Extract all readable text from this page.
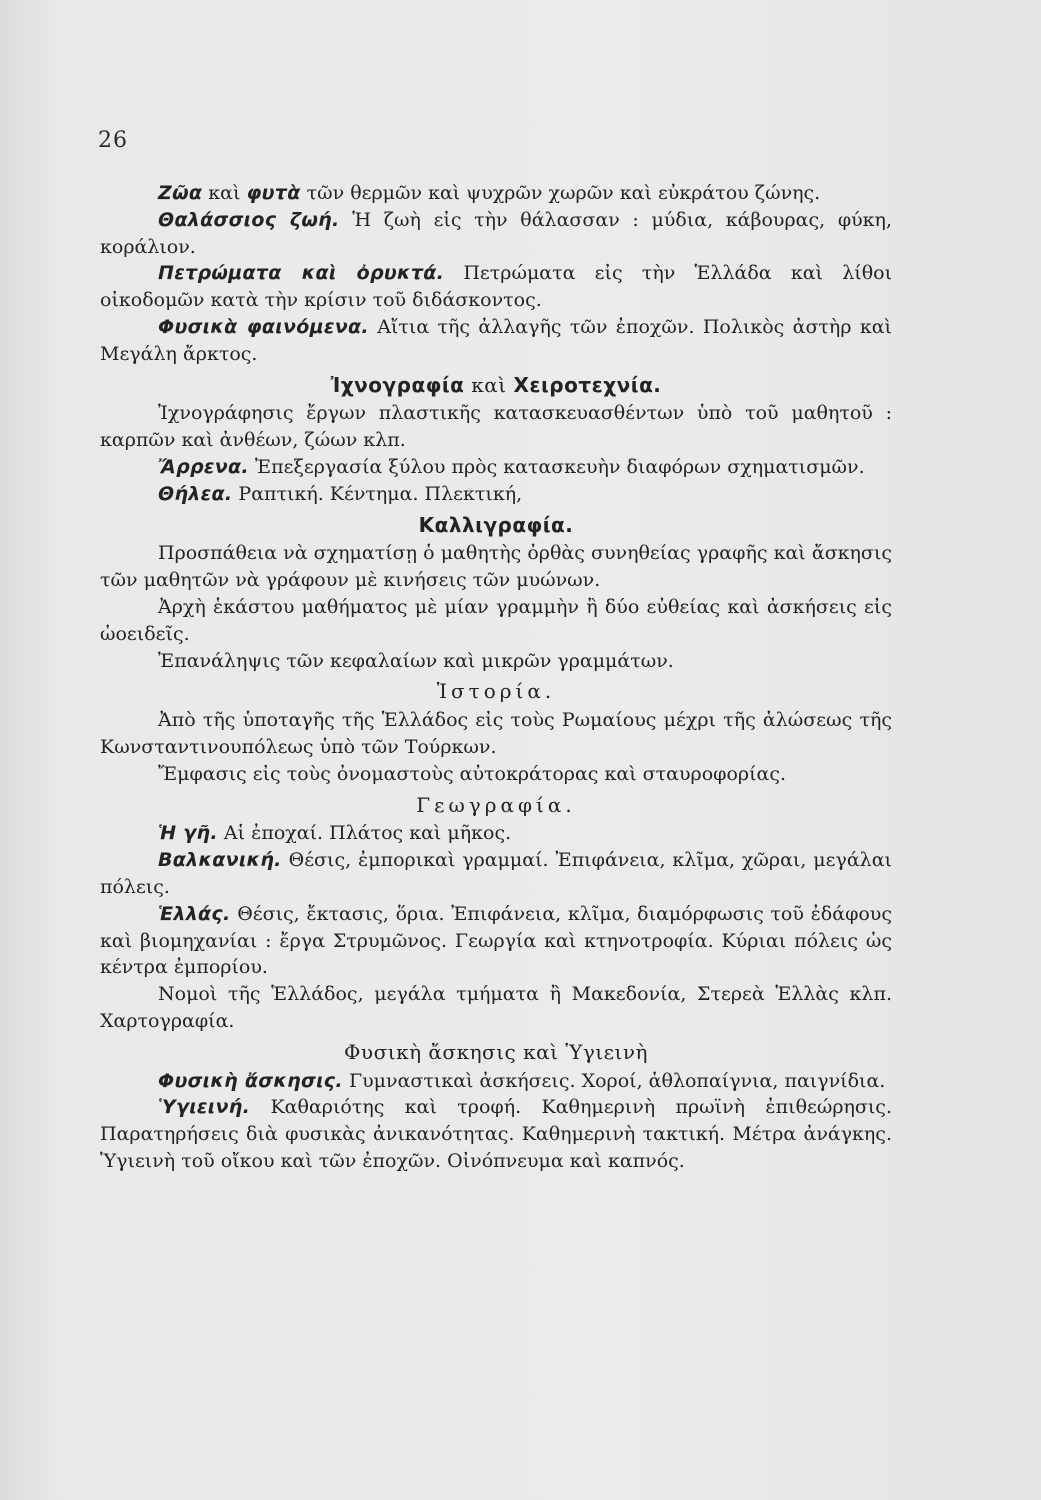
26

Ζῶα καὶ φυτὰ τῶν θερμῶν καὶ ψυχρῶν χωρῶν καὶ εὐκράτου ζώνης.

Θαλάσσιος ζωή. Ἡ ζωὴ εἰς τὴν θάλασσαν : μύδια, κάβουρας, φύκη, κοράλιον.

Πετρώματα καὶ ὀρυκτά. Πετρώματα εἰς τὴν Ἑλλάδα καὶ λίθοι οἰκοδομῶν κατὰ τὴν κρίσιν τοῦ διδάσκοντος.

Φυσικὰ φαινόμενα. Αἴτια τῆς ἀλλαγῆς τῶν ἐποχῶν. Πολικὸς ἀστὴρ καὶ Μεγάλη ἄρκτος.

Ἰχνογραφία καὶ Χειροτεχνία.

Ἰχνογράφησις ἔργων πλαστικῆς κατασκευασθέντων ὑπὸ τοῦ μαθητοῦ : καρπῶν καὶ ἀνθέων, ζώων κλπ.

Ἄρρενα. Ἐπεξεργασία ξύλου πρὸς κατασκευὴν διαφόρων σχηματισμῶν.

Θήλεα. Ραπτική. Κέντημα. Πλεκτική,

Καλλιγραφία.

Προσπάθεια νὰ σχηματίσῃ ὁ μαθητὴς ὀρθὰς συνηθείας γραφῆς καὶ ἄσκησις τῶν μαθητῶν νὰ γράφουν μὲ κινήσεις τῶν μυώνων.

Ἀρχὴ ἑκάστου μαθήματος μὲ μίαν γραμμὴν ἢ δύο εὐθείας καὶ ἀσκήσεις εἰς ὠοειδεῖς.

Ἐπανάληψις τῶν κεφαλαίων καὶ μικρῶν γραμμάτων.

Ἱστορία.

Ἀπὸ τῆς ὑποταγῆς τῆς Ἑλλάδος εἰς τοὺς Ρωμαίους μέχρι τῆς ἁλώσεως τῆς Κωνσταντινουπόλεως ὑπὸ τῶν Τούρκων.

Ἔμφασις εἰς τοὺς ὀνομαστοὺς αὐτοκράτορας καὶ σταυροφορίας.

Γεωγραφία.

Ἡ γῆ. Αἱ ἐποχαί. Πλάτος καὶ μῆκος.

Βαλκανική. Θέσις, ἐμπορικαὶ γραμμαί. Ἐπιφάνεια, κλῖμα, χῶραι, μεγάλαι πόλεις.

Ἑλλάς. Θέσις, ἔκτασις, ὅρια. Ἐπιφάνεια, κλῖμα, διαμόρφωσις τοῦ ἐδάφους καὶ βιομηχανίαι : ἔργα Στρυμῶνος. Γεωργία καὶ κτηνοτροφία. Κύριαι πόλεις ὡς κέντρα ἐμπορίου.

Νομοὶ τῆς Ἑλλάδος, μεγάλα τμήματα ἢ Μακεδονία, Στερεὰ Ἑλλὰς κλπ. Χαρτογραφία.

Φυσικὴ ἄσκησις καὶ Ὑγιεινὴ

Φυσικὴ ἄσκησις. Γυμναστικαὶ ἀσκήσεις. Χοροί, ἀθλοπαίγνια, παιγνίδια.

Ὑγιεινή. Καθαριότης καὶ τροφή. Καθημερινὴ πρωϊνὴ ἐπιθεώρησις. Παρατηρήσεις διὰ φυσικὰς ἀνικανότητας. Καθημερινὴ τακτική. Μέτρα ἀνάγκης. Ὑγιεινὴ τοῦ οἴκου καὶ τῶν ἐποχῶν. Οἰνόπνευμα καὶ καπνός.
